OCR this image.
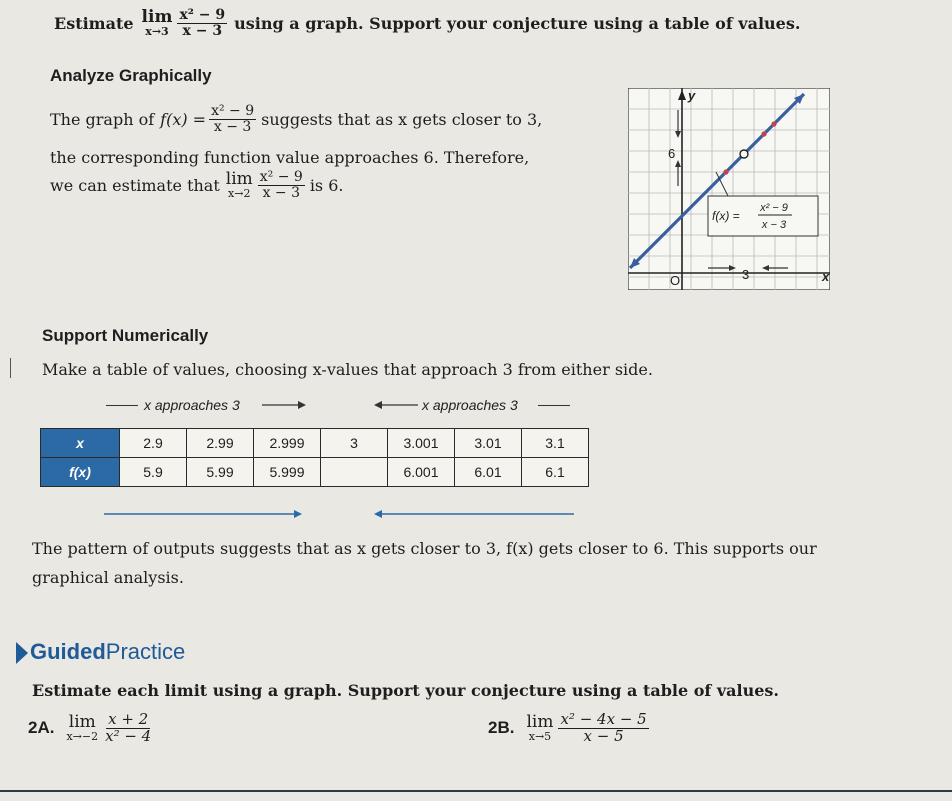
Estimate lim
$x\to 3 \frac{\text{x² − 9}}{x - 3}$ using a graph. Support your conjecture using a table of values.
Analyze Graphically
The graph of $f(x) = \frac{\text{x² − 9}}{x - 3}$ suggests that as x gets closer to 3,
the corresponding function value approaches 6. Therefore,
we can estimate that lim
$x\to 2 \frac{\text{x² − 9}}{x - 3}$ is 6.
y
x
O
6
3
f(x) =
x² − 9
x − 3
Support Numerically
Make a table of values, choosing x-values that approach 3 from either side.
x approaches 3	x approaches 3
x	2.9	2.99	2.999	3	3.001	3.01	3.1
f(x)	5.9	5.99	5.999		6.001	6.01	6.1
The pattern of outputs suggests that as x gets closer to 3, f(x) gets closer to 6. This supports our
graphical analysis.
GuidedPractice
Estimate each limit using a graph. Support your conjecture using a table of values.
2A. lim
$x\to-2 \frac{x + 2}{\text{x² − 4}}$	2B. lim
$x\to 5 \frac{\text{x² − 4x − 5}}{x - 5}$
